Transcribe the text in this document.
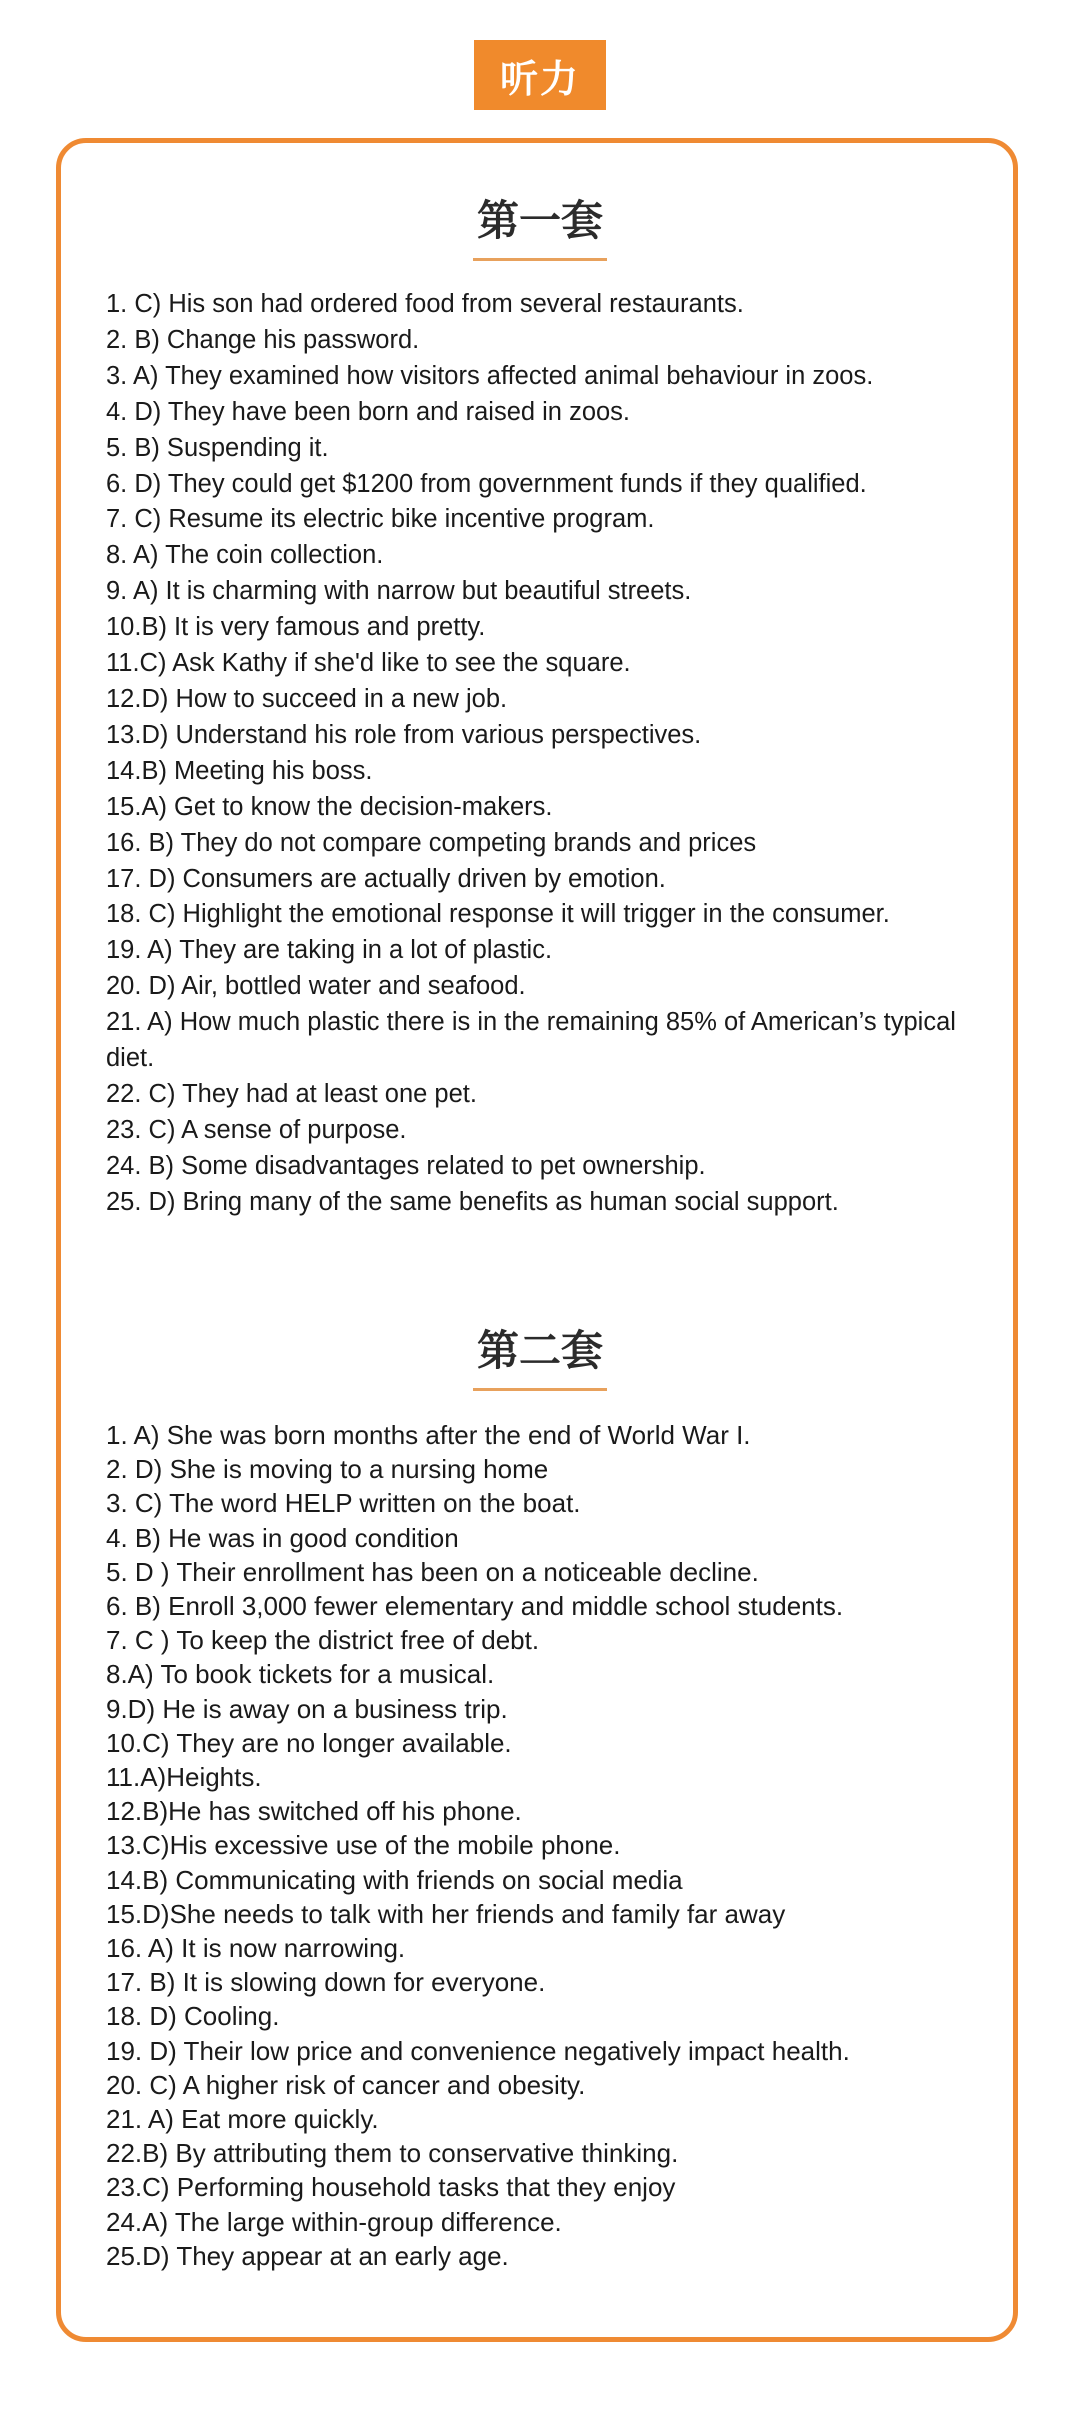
听力
第一套
1. C) His son had ordered food from several restaurants.
2. B) Change his password.
3. A) They examined how visitors affected animal behaviour in zoos.
4. D) They have been born and raised in zoos.
5. B) Suspending it.
6. D) They could get $1200 from government funds if they qualified.
7. C) Resume its electric bike incentive program.
8. A) The coin collection.
9. A) It is charming with narrow but beautiful streets.
10.B) It is very famous and pretty.
11.C) Ask Kathy if she'd like to see the square.
12.D) How to succeed in a new job.
13.D) Understand his role from various perspectives.
14.B) Meeting his boss.
15.A) Get to know the decision-makers.
16. B) They do not compare competing brands and prices
17. D) Consumers are actually driven by emotion.
18. C) Highlight the emotional response it will trigger in the consumer.
19. A) They are taking in a lot of plastic.
20. D) Air, bottled water and seafood.
21. A) How much plastic there is in the remaining 85% of American’s typical diet.
22. C) They had at least one pet.
23. C) A sense of purpose.
24. B) Some disadvantages related to pet ownership.
25. D) Bring many of the same benefits as human social support.
第二套
1. A) She was born months after the end of World War I.
2. D) She is moving to a nursing home
3. C) The word HELP written on the boat.
4. B) He was in good condition
5. D ) Their enrollment has been on a noticeable decline.
6. B) Enroll 3,000 fewer elementary and middle school students.
7. C ) To keep the district free of debt.
8.A) To book tickets for a musical.
9.D) He is away on a business trip.
10.C) They are no longer available.
11.A)Heights.
12.B)He has switched off his phone.
13.C)His excessive use of the mobile phone.
14.B) Communicating with friends on social media
15.D)She needs to talk with her friends and family far away
16. A) It is now narrowing.
17. B) It is slowing down for everyone.
18. D) Cooling.
19. D) Their low price and convenience negatively impact health.
20. C) A higher risk of cancer and obesity.
21. A) Eat more quickly.
22.B) By attributing them to conservative thinking.
23.C) Performing household tasks that they enjoy
24.A) The large within-group difference.
25.D) They appear at an early age.
